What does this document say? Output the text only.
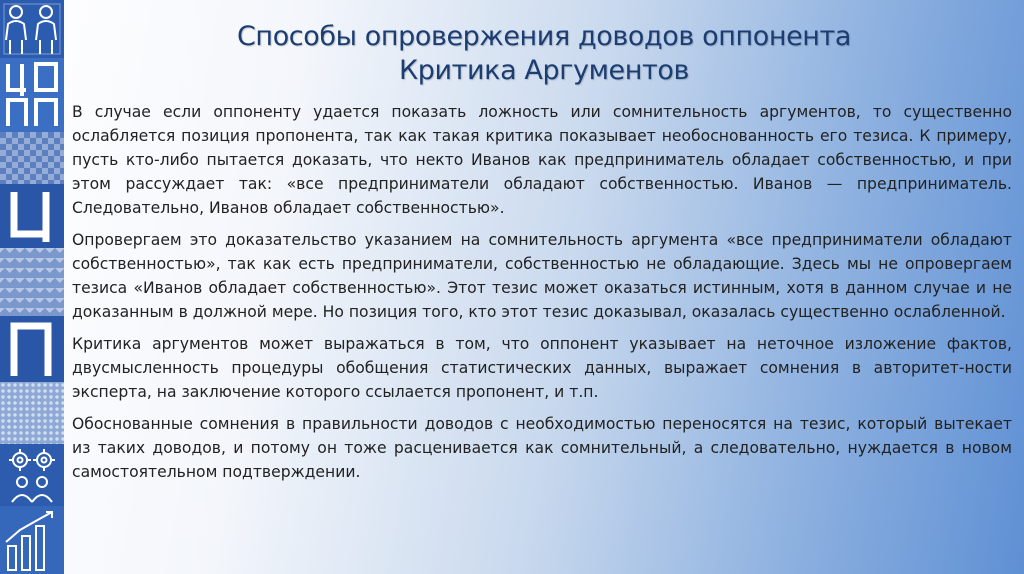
Способы опровержения доводов оппонента
Критика Аргументов

В случае если оппоненту удается показать ложность или сомнительность аргументов, то существенно ослабляется позиция пропонента, так как такая критика показывает необоснованность его тезиса. К примеру, пусть кто-либо пытается доказать, что некто Иванов как предприниматель обладает собственностью, и при этом рассуждает так: «все предприниматели обладают собственностью. Иванов — предприниматель. Следовательно, Иванов обладает собственностью».

Опровергаем это доказательство указанием на сомнительность аргумента «все предприниматели обладают собственностью», так как есть предприниматели, собственностью не обладающие. Здесь мы не опровергаем тезиса «Иванов обладает собственностью». Этот тезис может оказаться истинным, хотя в данном случае и не доказанным в должной мере. Но позиция того, кто этот тезис доказывал, оказалась существенно ослабленной.

Критика аргументов может выражаться в том, что оппонент указывает на неточное изложение фактов, двусмысленность процедуры обобщения статистических данных, выражает сомнения в авторитет-ности эксперта, на заключение которого ссылается пропонент, и т.п.

Обоснованные сомнения в правильности доводов с необходимостью переносятся на тезис, который вытекает из таких доводов, и потому он тоже расценивается как сомнительный, а следовательно, нуждается в новом самостоятельном подтверждении.
